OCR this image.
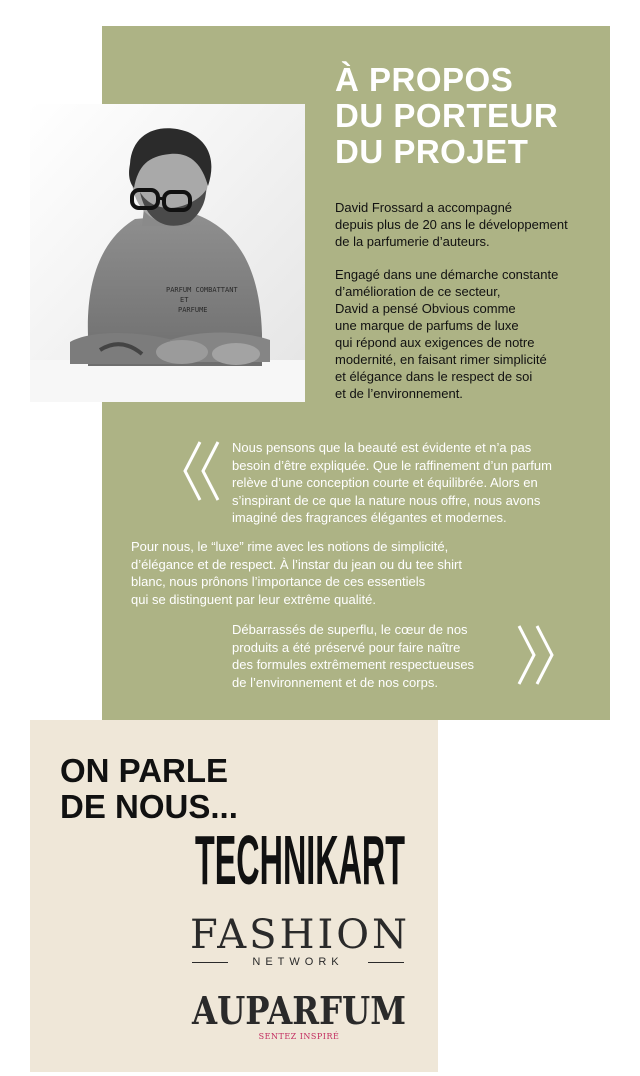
À PROPOS
DU PORTEUR
DU PROJET
PARFUM COMBATTANT
ET
PARFUME

David Frossard a accompagné
depuis plus de 20 ans le développement
de la parfumerie d’auteurs.

Engagé dans une démarche constante
d’amélioration de ce secteur,
David a pensé Obvious comme
une marque de parfums de luxe
qui répond aux exigences de notre
modernité, en faisant rimer simplicité
et élégance dans le respect de soi
et de l’environnement.

Nous pensons que la beauté est évidente et n’a pas
besoin d’être expliquée. Que le raffinement d’un parfum
relève d’une conception courte et équilibrée. Alors en
s’inspirant de ce que la nature nous offre, nous avons
imaginé des fragrances élégantes et modernes.

Pour nous, le “luxe” rime avec les notions de simplicité,
d’élégance et de respect. À l’instar du jean ou du tee shirt
blanc, nous prônons l’importance de ces essentiels
qui se distinguent par leur extrême qualité.

Débarrassés de superflu, le cœur de nos
produits a été préservé pour faire naître
des formules extrêmement respectueuses
de l’environnement et de nos corps.

ON PARLE
DE NOUS...
TECHNIKART
FASHION
NETWORK
AUPARFUM
SENTEZ INSPIRÉ
